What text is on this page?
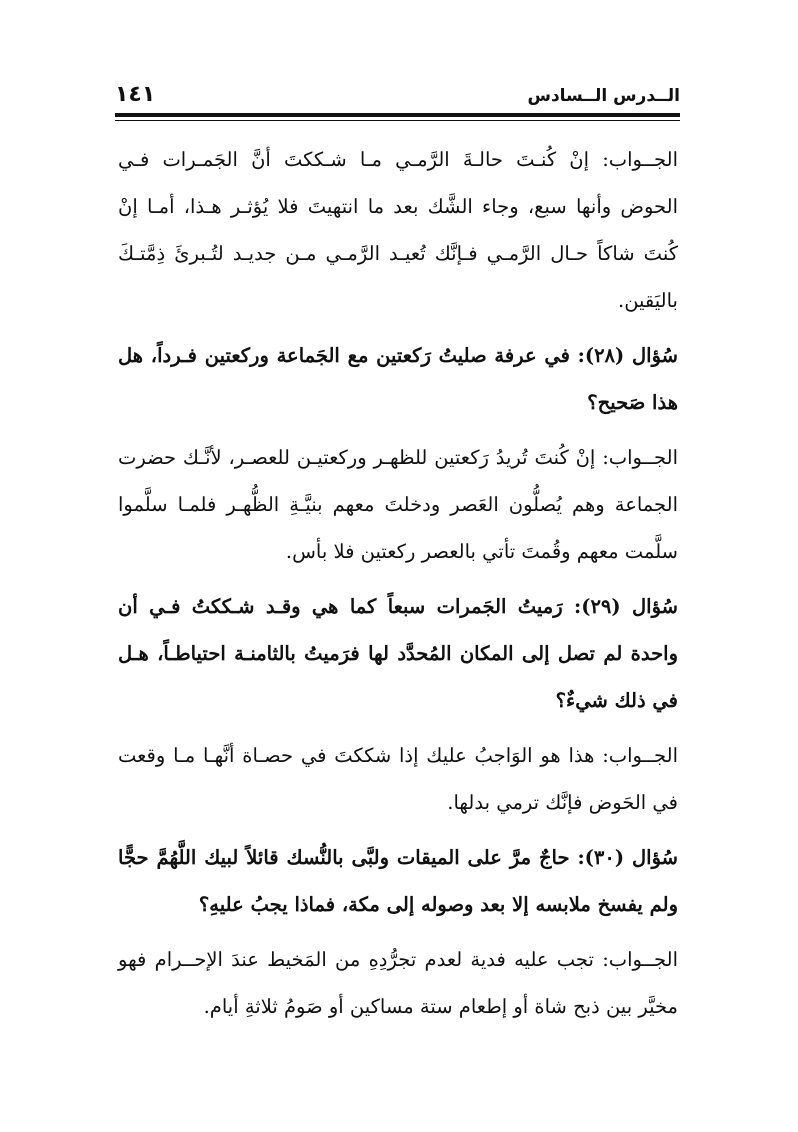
الــدرس الــسادس
١٤١

الجــواب: إنْ كُنـتَ حالـةَ الرَّمـي مـا شـككتَ أنَّ الجَمـرات فـي الحوض وأنها سبع، وجاء الشَّك بعد ما انتهيتَ فلا يُؤثـر هـذا، أمـا إنْ كُنتَ شاكاً حـال الرَّمـي فـإنَّك تُعيـد الرَّمـي مـن جديـد لتُـبرئَ ذِمَّتـكَ باليَقين.

سُؤال (٢٨): في عرفة صليتُ رَكعتين مع الجَماعة وركعتين فـرداً، هل هذا صَحيح؟

الجــواب: إنْ كُنتَ تُريدُ رَكعتين للظهـر وركعتيـن للعصـر، لأنَّـك حضرت الجماعة وهم يُصلُّون العَصر ودخلتَ معهم بنيَّـةِ الظُّهـر فلمـا سلَّموا سلَّمت معهم وقُمتَ تأتي بالعصر ركعتين فلا بأس.

سُؤال (٢٩): رَميتُ الجَمرات سبعاً كما هي وقـد شـككتُ فـي أن واحدة لم تصل إلى المكان المُحدَّد لها فرَميتُ بالثامنـة احتياطـاً، هـل في ذلك شيءٌ؟

الجــواب: هذا هو الوَاجبُ عليك إذا شككتَ في حصـاة أنَّهـا مـا وقعت في الحَوض فإنَّك ترمي بدلها.

سُؤال (٣٠): حاجٌ مرَّ على الميقات ولبَّى بالنُّسك قائلاً لبيك اللَّهُمَّ حجًّا ولم يفسخ ملابسه إلا بعد وصوله إلى مكة، فماذا يجبُ عليهِ؟

الجــواب: تجب عليه فدية لعدم تجرُّدِهِ من المَخيط عندَ الإحــرام فهو مخيَّر بين ذبح شاة أو إطعام ستة مساكين أو صَومُ ثلاثةِ أيام.
